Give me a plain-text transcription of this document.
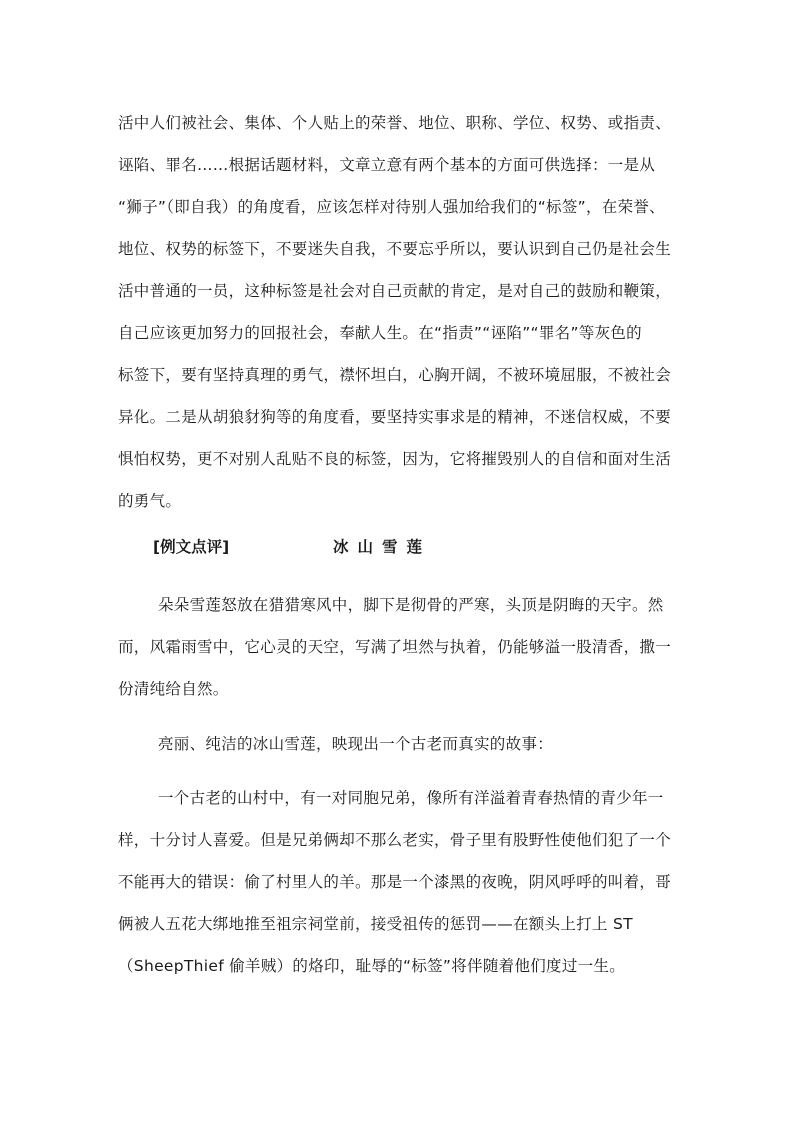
活中人们被社会、集体、个人贴上的荣誉、地位、职称、学位、权势、或指责、
诬陷、罪名……根据话题材料，文章立意有两个基本的方面可供选择：一是从
“狮子”（即自我）的角度看，应该怎样对待别人强加给我们的“标签”，在荣誉、
地位、权势的标签下，不要迷失自我，不要忘乎所以，要认识到自己仍是社会生
活中普通的一员，这种标签是社会对自己贡献的肯定，是对自己的鼓励和鞭策，
自己应该更加努力的回报社会，奉献人生。在“指责”“诬陷”“罪名”等灰色的
标签下，要有坚持真理的勇气，襟怀坦白，心胸开阔，不被环境屈服，不被社会
异化。二是从胡狼豺狗等的角度看，要坚持实事求是的精神，不迷信权威，不要
惧怕权势，更不对别人乱贴不良的标签，因为，它将摧毁别人的自信和面对生活
的勇气。
[例文点评]	冰山雪莲
朵朵雪莲怒放在猎猎寒风中，脚下是彻骨的严寒，头顶是阴晦的天宇。然
而，风霜雨雪中，它心灵的天空，写满了坦然与执着，仍能够溢一股清香，撒一
份清纯给自然。
亮丽、纯洁的冰山雪莲，映现出一个古老而真实的故事：
一个古老的山村中，有一对同胞兄弟，像所有洋溢着青春热情的青少年一
样，十分讨人喜爱。但是兄弟俩却不那么老实，骨子里有股野性使他们犯了一个
不能再大的错误：偷了村里人的羊。那是一个漆黑的夜晚，阴风呼呼的叫着，哥
俩被人五花大绑地推至祖宗祠堂前，接受祖传的惩罚——在额头上打上 ST
（SheepThief 偷羊贼）的烙印，耻辱的“标签”将伴随着他们度过一生。
